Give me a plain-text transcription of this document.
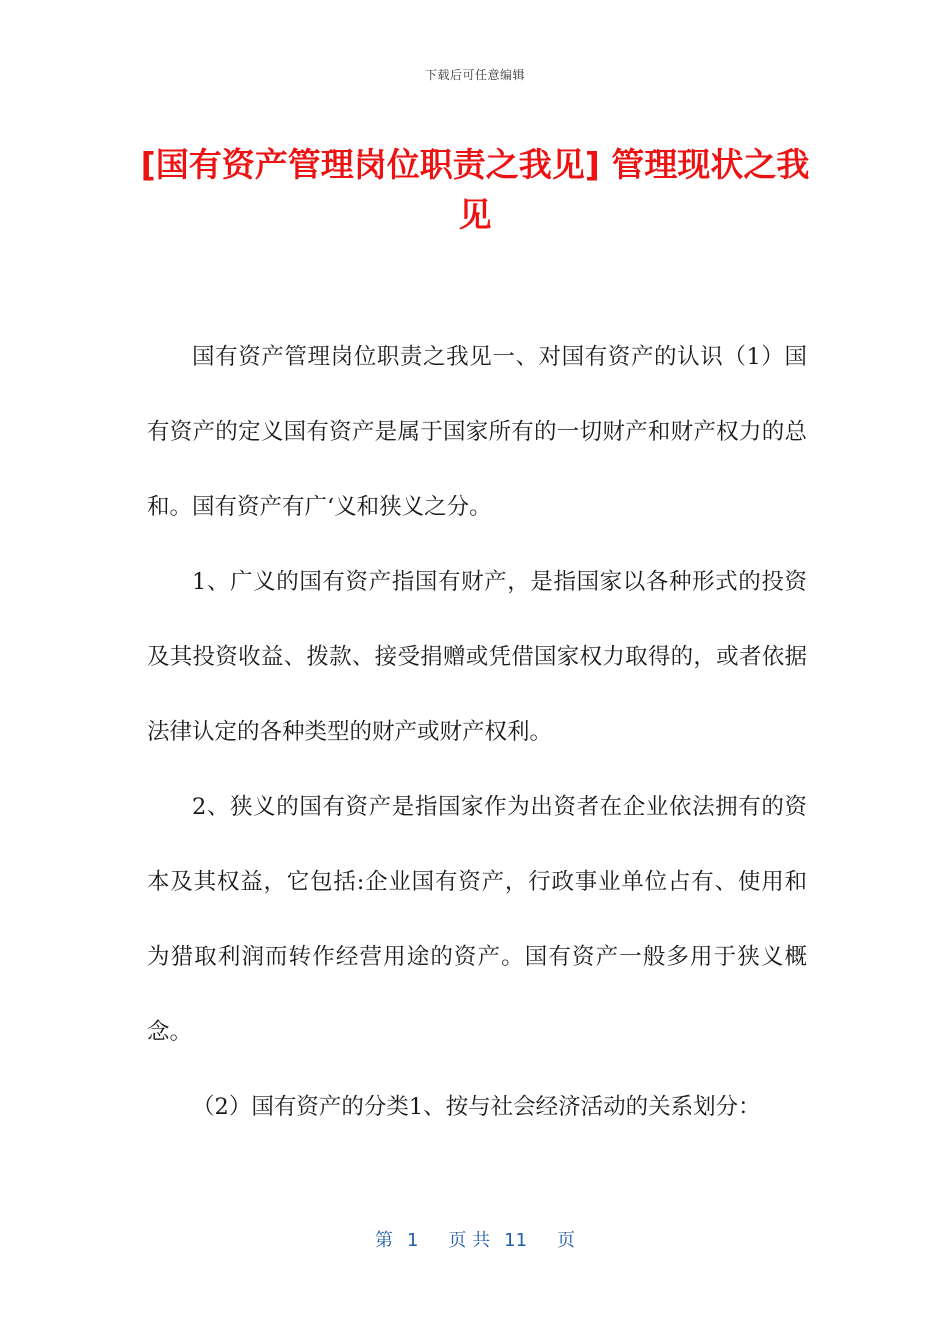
下载后可任意编辑
[国有资产管理岗位职责之我见] 管理现状之我见

国有资产管理岗位职责之我见一、对国有资产的认识（1）国有资产的定义国有资产是属于国家所有的一切财产和财产权力的总和。国有资产有广‘义和狭义之分。

1、广义的国有资产指国有财产，是指国家以各种形式的投资及其投资收益、拨款、接受捐赠或凭借国家权力取得的，或者依据法律认定的各种类型的财产或财产权利。

2、狭义的国有资产是指国家作为出资者在企业依法拥有的资本及其权益，它包括:企业国有资产，行政事业单位占有、使用和为猎取利润而转作经营用途的资产。国有资产一般多用于狭义概念。

（2）国有资产的分类1、按与社会经济活动的关系划分：

第 1 页 共 11 页
